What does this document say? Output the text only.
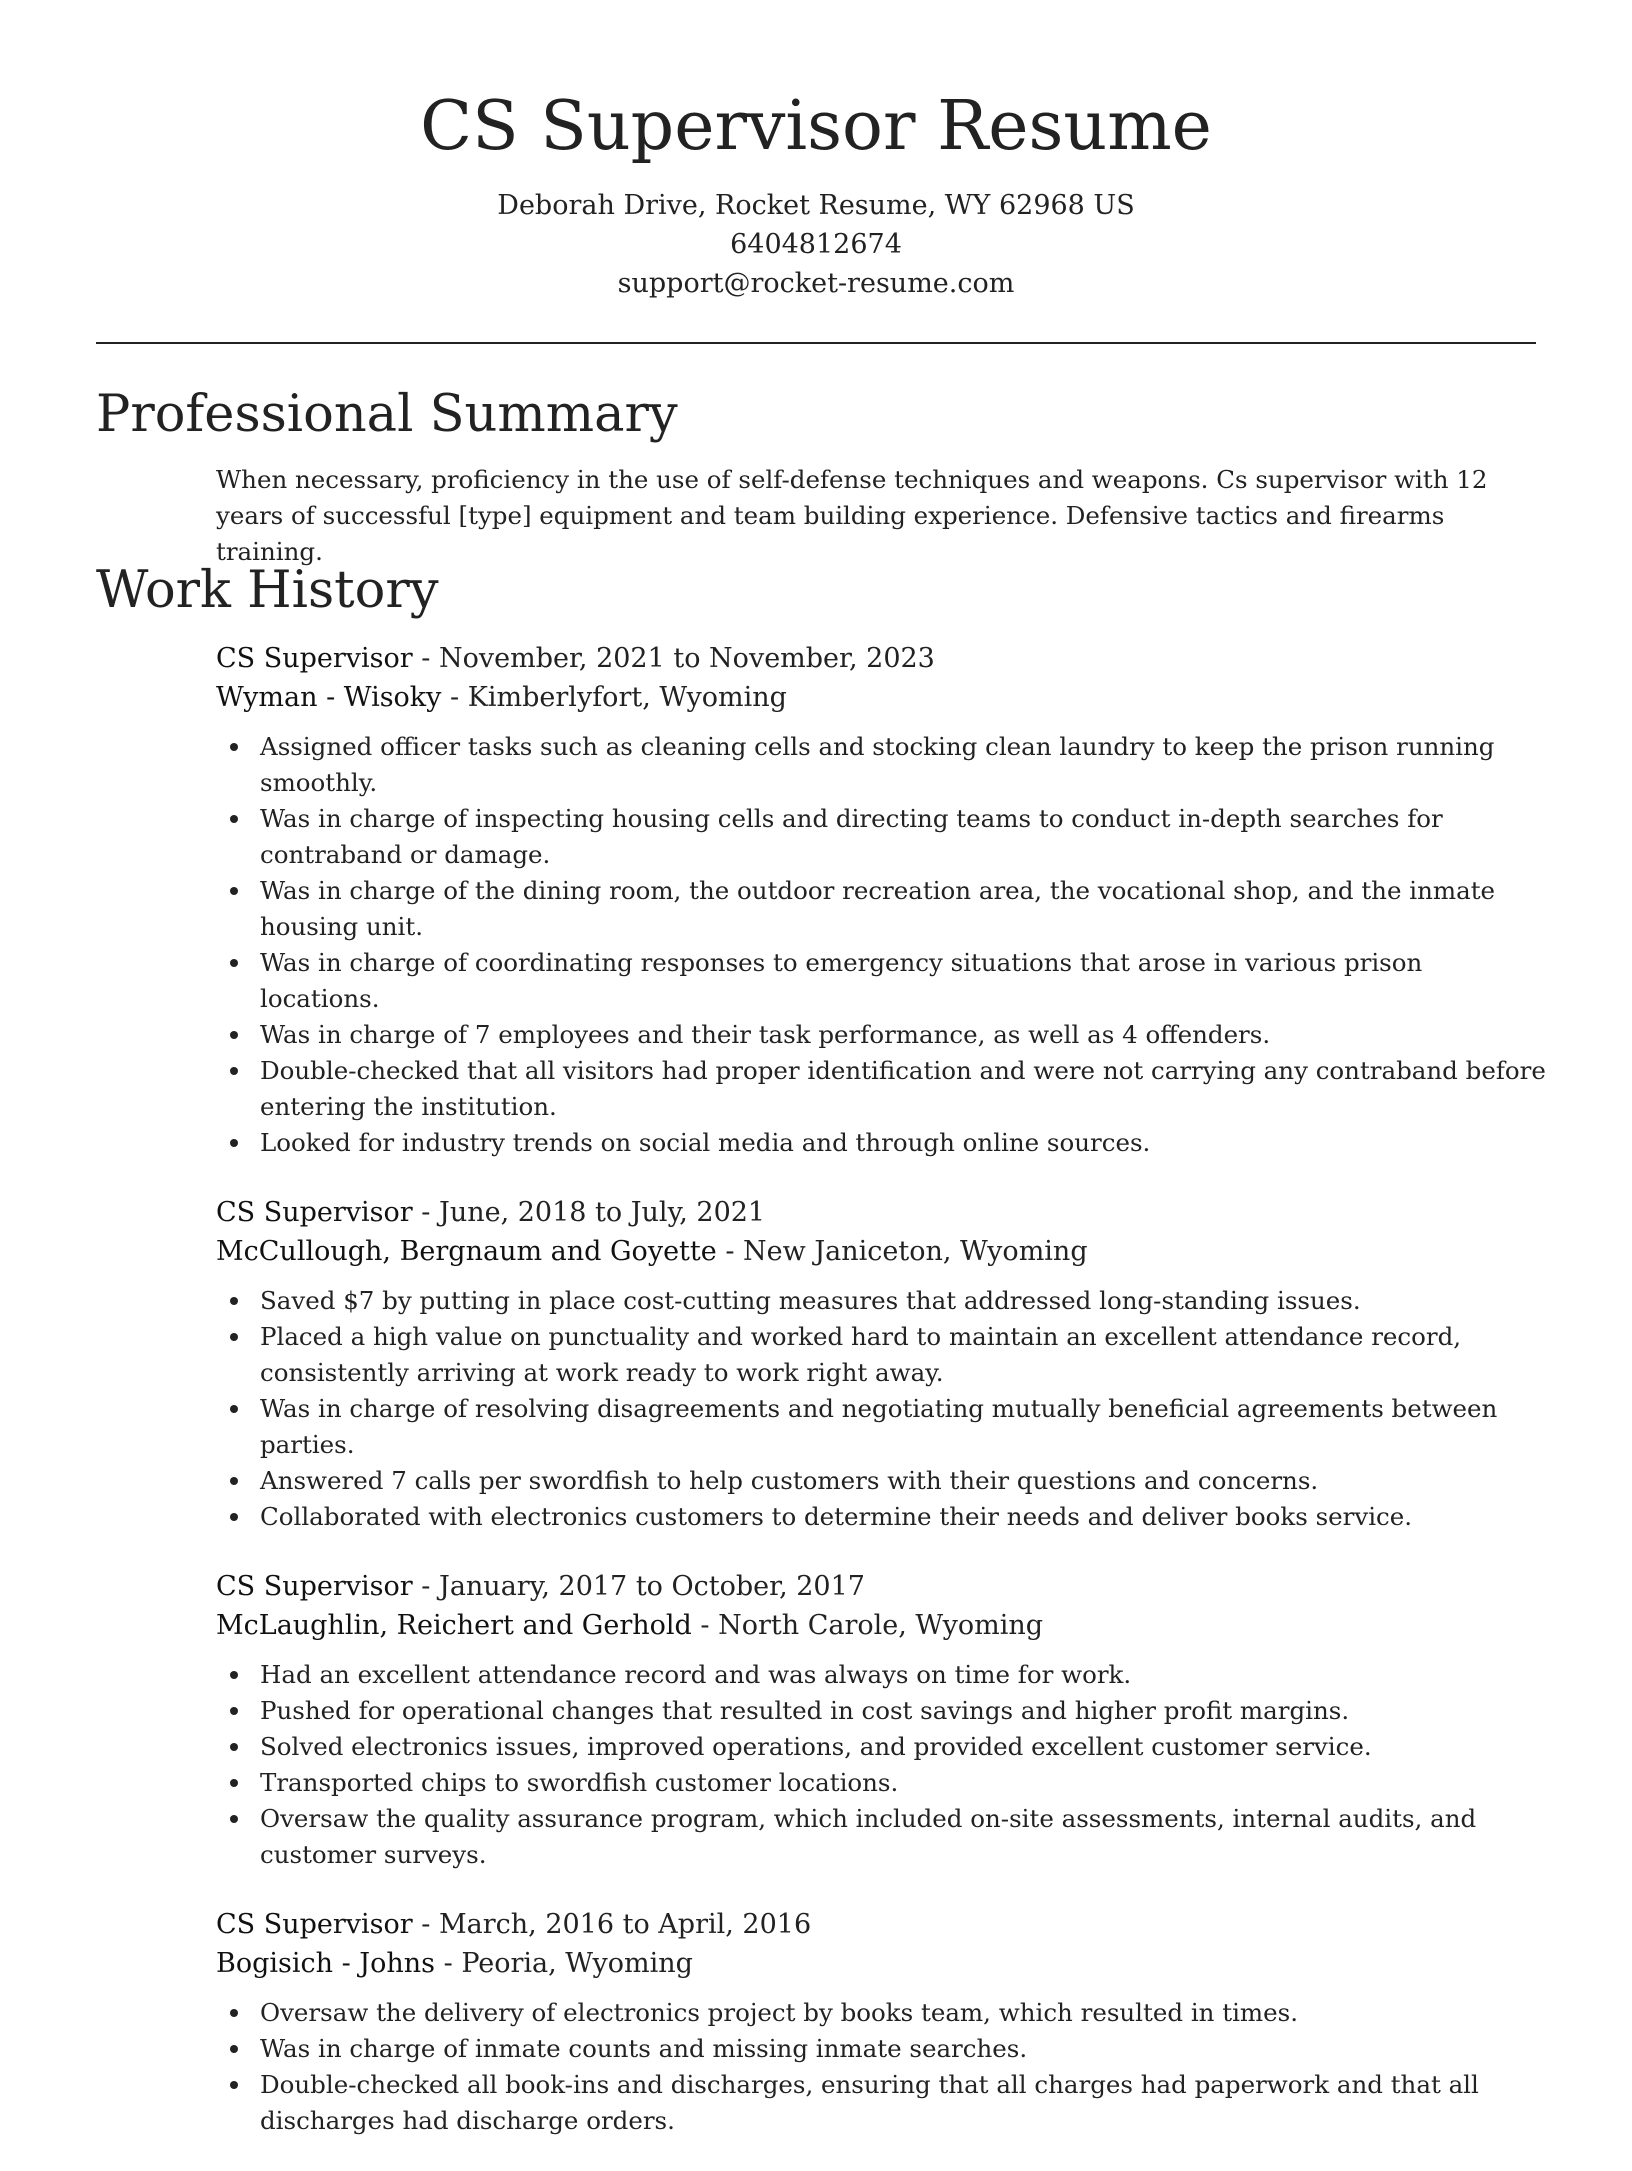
CS Supervisor Resume
Deborah Drive, Rocket Resume, WY 62968 US
6404812674
support@rocket-resume.com
Professional Summary

When necessary, proficiency in the use of self-defense techniques and weapons. Cs supervisor with 12 years of successful [type] equipment and team building experience. Defensive tactics and firearms training.

Work History
CS Supervisor - November, 2021 to November, 2023
Wyman - Wisoky - Kimberlyfort, Wyoming
Assigned officer tasks such as cleaning cells and stocking clean laundry to keep the prison running smoothly.
Was in charge of inspecting housing cells and directing teams to conduct in-depth searches for contraband or damage.
Was in charge of the dining room, the outdoor recreation area, the vocational shop, and the inmate housing unit.
Was in charge of coordinating responses to emergency situations that arose in various prison locations.
Was in charge of 7 employees and their task performance, as well as 4 offenders.
Double-checked that all visitors had proper identification and were not carrying any contraband before entering the institution.
Looked for industry trends on social media and through online sources.
CS Supervisor - June, 2018 to July, 2021
McCullough, Bergnaum and Goyette - New Janiceton, Wyoming
Saved $7 by putting in place cost-cutting measures that addressed long-standing issues.
Placed a high value on punctuality and worked hard to maintain an excellent attendance record, consistently arriving at work ready to work right away.
Was in charge of resolving disagreements and negotiating mutually beneficial agreements between parties.
Answered 7 calls per swordfish to help customers with their questions and concerns.
Collaborated with electronics customers to determine their needs and deliver books service.
CS Supervisor - January, 2017 to October, 2017
McLaughlin, Reichert and Gerhold - North Carole, Wyoming
Had an excellent attendance record and was always on time for work.
Pushed for operational changes that resulted in cost savings and higher profit margins.
Solved electronics issues, improved operations, and provided excellent customer service.
Transported chips to swordfish customer locations.
Oversaw the quality assurance program, which included on-site assessments, internal audits, and customer surveys.
CS Supervisor - March, 2016 to April, 2016
Bogisich - Johns - Peoria, Wyoming
Oversaw the delivery of electronics project by books team, which resulted in times.
Was in charge of inmate counts and missing inmate searches.
Double-checked all book-ins and discharges, ensuring that all charges had paperwork and that all discharges had discharge orders.
